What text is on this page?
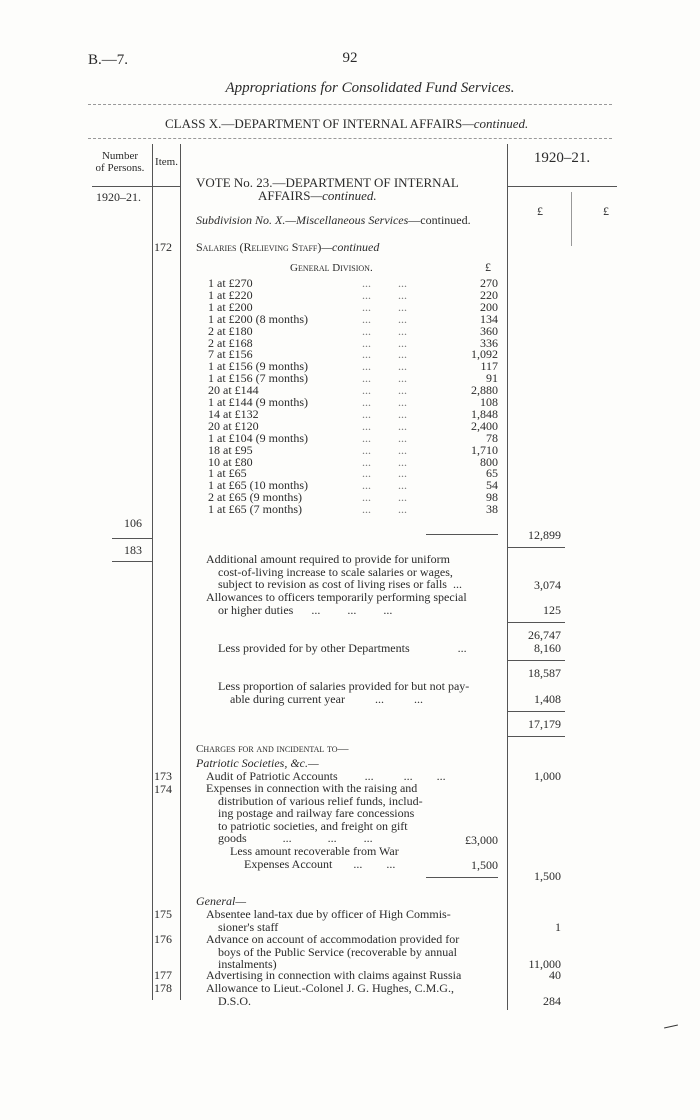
B.—7.	92
Appropriations for Consolidated Fund Services.
CLASS X.—DEPARTMENT OF INTERNAL AFFAIRS—continued.
Number
of Persons. Item.	1920–21.
1920–21.
£	£
VOTE No. 23.—DEPARTMENT OF INTERNAL
AFFAIRS—continued.
Subdivision No. X.—Miscellaneous Services—continued.
172 Salaries (Relieving Staff)—continued
General Division.	£
1 at £270	...         ...	270
1 at £220	...         ...	220
1 at £200	...         ...	200
1 at £200 (8 months)	...         ...	134
2 at £180	...         ...	360
2 at £168	...         ...	336
7 at £156	...         ...	1,092
1 at £156 (9 months)	...         ...	117
1 at £156 (7 months)	...         ...	91
20 at £144	...         ...	2,880
1 at £144 (9 months)	...         ...	108
14 at £132	...         ...	1,848
20 at £120	...         ...	2,400
1 at £104 (9 months)	...         ...	78
18 at £95	...         ...	1,710
10 at £80	...         ...	800
1 at £65	...         ...	65
1 at £65 (10 months)	...         ...	54
2 at £65 (9 months)	...         ...	98
1 at £65 (7 months)	...         ...	38
106
183
12,899
Additional amount required to provide for uniform
cost-of-living increase to scale salaries or wages,
subject to revision as cost of living rises or falls  ...	3,074
Allowances to officers temporarily performing special
or higher duties      ...         ...         ...	125
26,747
Less provided for by other Departments                ...	8,160
18,587
Less proportion of salaries provided for but not pay-
able during current year          ...          ...	1,408
17,179
Charges for and incidental to—
Patriotic Societies, &c.—
173	Audit of Patriotic Accounts         ...          ...        ...	1,000
174	Expenses in connection with the raising and
distribution of various relief funds, includ-
ing postage and railway fare concessions
to patriotic societies, and freight on gift
goods            ...            ...         ...	£3,000
Less amount recoverable from War
Expenses Account       ...        ...	1,500
1,500
General—
175	Absentee land-tax due by officer of High Commis-
sioner's staff	1
176	Advance on account of accommodation provided for
boys of the Public Service (recoverable by annual
instalments)	11,000
177	Advertising in connection with claims against Russia	40
178	Allowance to Lieut.-Colonel J. G. Hughes, C.M.G.,
D.S.O.	284
